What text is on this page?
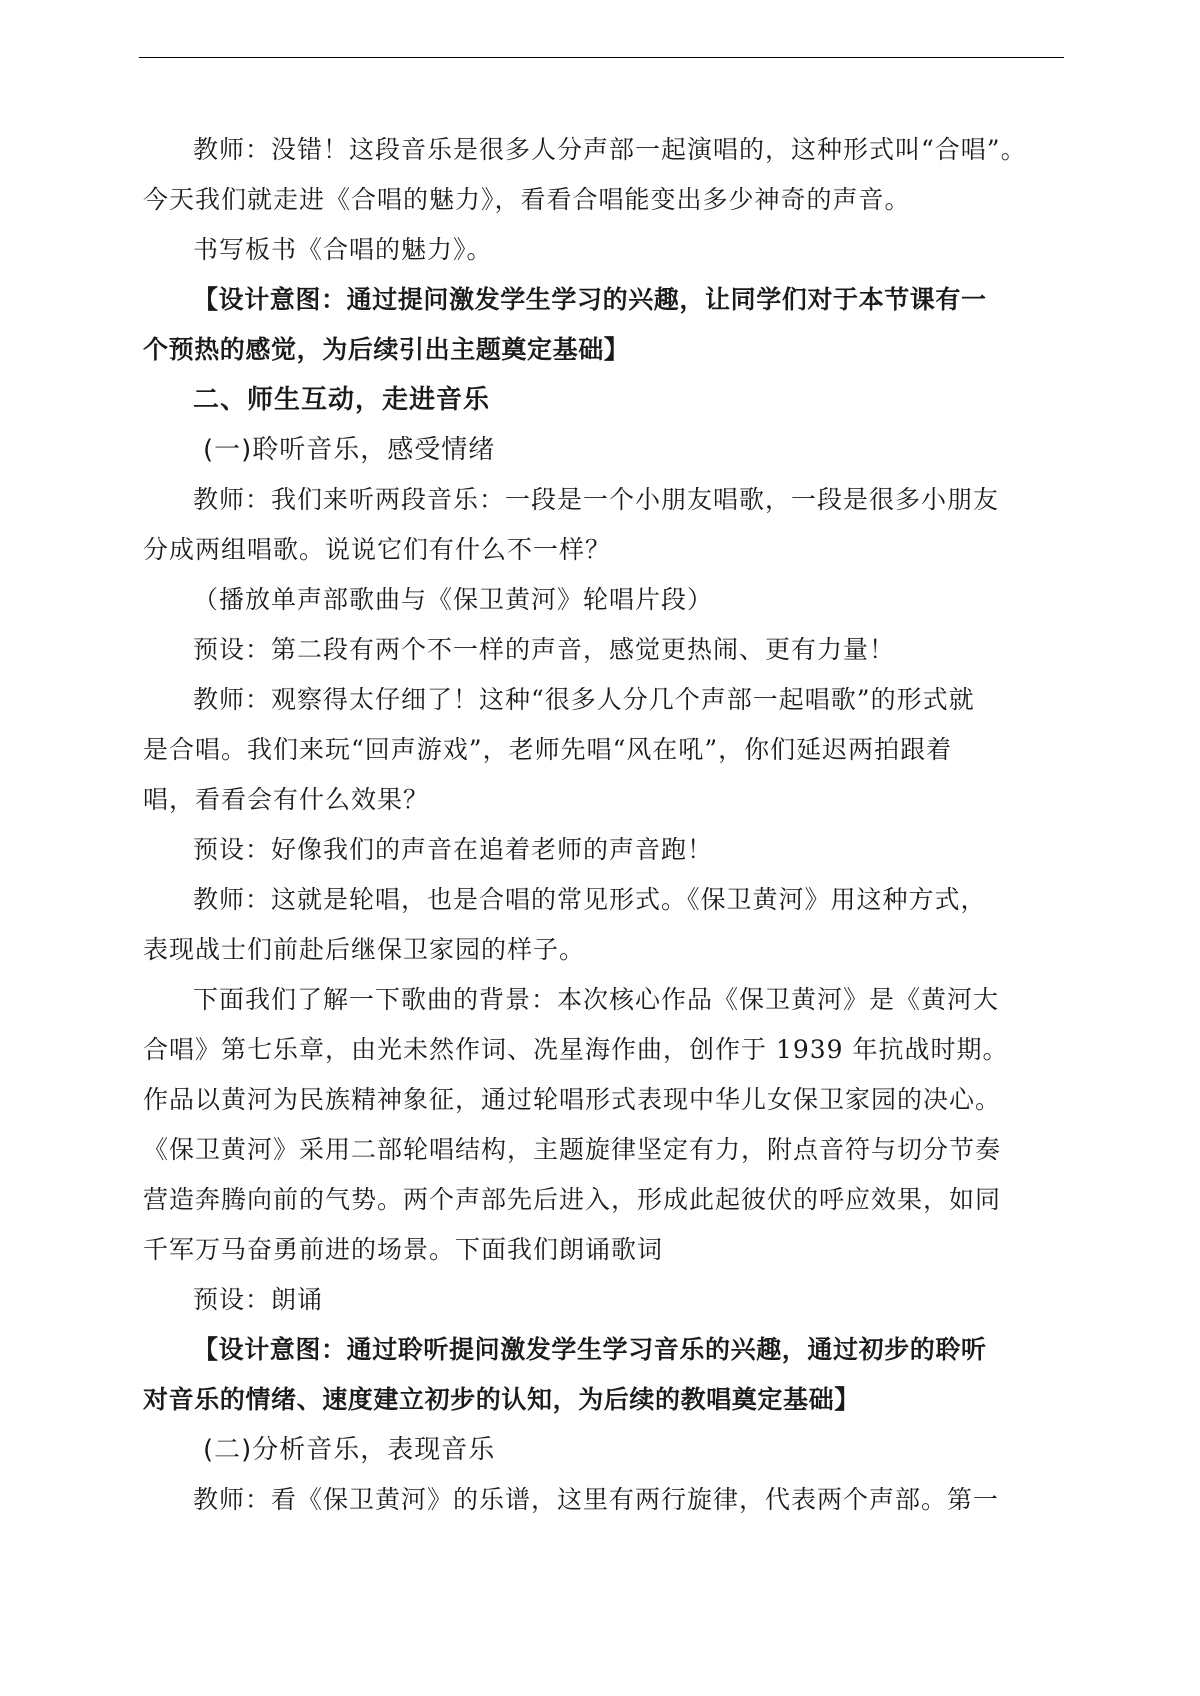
教师：没错！这段音乐是很多人分声部一起演唱的，这种形式叫“合唱”。
今天我们就走进《合唱的魅力》，看看合唱能变出多少神奇的声音。
书写板书《合唱的魅力》。
【设计意图：通过提问激发学生学习的兴趣，让同学们对于本节课有一
个预热的感觉，为后续引出主题奠定基础】
二、师生互动，走进音乐
(一)聆听音乐，感受情绪
教师：我们来听两段音乐：一段是一个小朋友唱歌，一段是很多小朋友
分成两组唱歌。说说它们有什么不一样？
（播放单声部歌曲与《保卫黄河》轮唱片段）
预设：第二段有两个不一样的声音，感觉更热闹、更有力量！
教师：观察得太仔细了！这种“很多人分几个声部一起唱歌”的形式就
是合唱。我们来玩“回声游戏”，老师先唱“风在吼”，你们延迟两拍跟着
唱，看看会有什么效果？
预设：好像我们的声音在追着老师的声音跑！
教师：这就是轮唱，也是合唱的常见形式。《保卫黄河》用这种方式，
表现战士们前赴后继保卫家园的样子。
下面我们了解一下歌曲的背景：本次核心作品《保卫黄河》是《黄河大
合唱》第七乐章，由光未然作词、冼星海作曲，创作于 1939 年抗战时期。
作品以黄河为民族精神象征，通过轮唱形式表现中华儿女保卫家园的决心。
《保卫黄河》采用二部轮唱结构，主题旋律坚定有力，附点音符与切分节奏
营造奔腾向前的气势。两个声部先后进入，形成此起彼伏的呼应效果，如同
千军万马奋勇前进的场景。下面我们朗诵歌词
预设：朗诵
【设计意图：通过聆听提问激发学生学习音乐的兴趣，通过初步的聆听
对音乐的情绪、速度建立初步的认知，为后续的教唱奠定基础】
(二)分析音乐，表现音乐
教师：看《保卫黄河》的乐谱，这里有两行旋律，代表两个声部。第一
